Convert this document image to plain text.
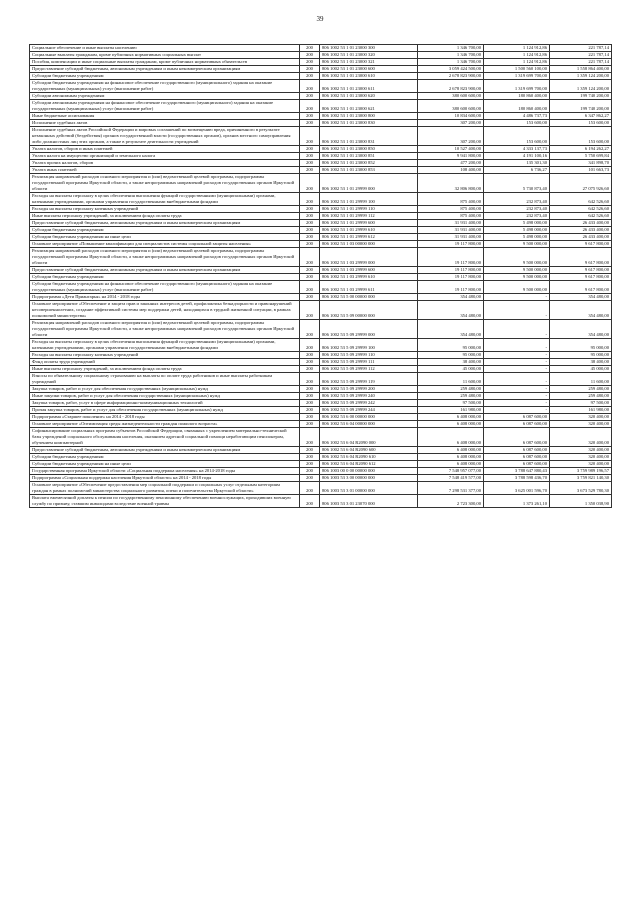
39
Социальное обеспечение и иные выплаты населению	200	806 1002 53 1 01 23000 300	1 346 700,00	1 124 912,86	221 787,14
Социальные выплаты гражданам, кроме публичных нормативных социальных выплат	200	806 1002 53 1 01 23000 320	1 346 700,00	1 124 912,86	221 787,14
Пособия, компенсации и иные социальные выплаты гражданам, кроме публичных нормативных обязательств	200	806 1002 53 1 01 23000 321	1 346 700,00	1 124 912,86	221 787,14
Предоставление субсидий бюджетным, автономным учреждениям и иным некоммерческим организациям	200	806 1002 53 1 01 23000 600	3 059 424 500,00	1 500 560 100,00	1 558 864 400,00
Субсидии бюджетным учреждениям	200	806 1002 53 1 01 23000 610	2 678 823 900,00	1 319 699 700,00	1 359 124 200,00
Субсидии бюджетным учреждениям на финансовое обеспечение государственного (муниципального) задания на оказание государственных (муниципальных) услуг (выполнение работ)	200	806 1002 53 1 01 23000 611	2 678 823 900,00	1 319 699 700,00	1 359 124 200,00
Субсидии автономным учреждениям	200	806 1002 53 1 01 23000 620	380 600 600,00	180 860 400,00	199 740 200,00
Субсидии автономным учреждениям на финансовое обеспечение государственного (муниципального) задания на оказание государственных (муниципальных) услуг (выполнение работ)	200	806 1002 53 1 01 23000 621	380 600 600,00	180 860 400,00	199 740 200,00
Иные бюджетные ассигнования	200	806 1002 53 1 01 23000 800	10 834 600,00	4 486 737,73	6 347 862,27
Исполнение судебных актов	200	806 1002 53 1 01 23000 830	307 200,00	153 600,00	153 600,00
Исполнение судебных актов Российской Федерации и мировых соглашений по возмещению вреда, причиненного в результате незаконных действий (бездействия) органов государственной власти (государственных органов), органов местного самоуправления либо должностных лиц этих органов, а также в результате деятельности учреждений	200	806 1002 53 1 01 23000 831	307 200,00	153 600,00	153 600,00
Уплата налогов, сборов и иных платежей	200	806 1002 53 1 01 23000 850	10 527 400,00	4 333 137,73	6 194 262,27
Уплата налога на имущество организаций и земельного налога	200	806 1002 53 1 01 23000 851	9 941 800,00	4 191 100,16	5 750 699,84
Уплата прочих налогов, сборов	200	806 1002 53 1 01 23000 852	477 200,00	135 301,30	341 898,70
Уплата иных платежей	200	806 1002 53 1 01 23000 853	108 400,00	6 736,27	101 663,73
Реализация направлений расходов основного мероприятия и (или) ведомственной целевой программы, подпрограммы государственной программы Иркутской области, а также непрограммных направлений расходов государственных органов Иркутской области	200	806 1002 53 1 01 29999 000	32 806 800,00	5 730 873,40	27 075 926,60
Расходы на выплаты персоналу в целях обеспечения выполнения функций государственными (муниципальными) органами, казенными учреждениями, органами управления государственными внебюджетными фондами	200	806 1002 53 1 01 29999 100	875 400,00	232 873,40	642 526,60
Расходы на выплаты персоналу казенных учреждений	200	806 1002 53 1 01 29999 110	875 400,00	232 873,40	642 526,60
Иные выплаты персоналу учреждений, за исключением фонда оплаты труда	200	806 1002 53 1 01 29999 112	875 400,00	232 873,40	642 526,60
Предоставление субсидий бюджетным, автономным учреждениям и иным некоммерческим организациям	200	806 1002 53 1 01 29999 600	31 931 400,00	5 498 000,00	26 433 400,00
Субсидии бюджетным учреждениям	200	806 1002 53 1 01 29999 610	31 931 400,00	5 498 000,00	26 433 400,00
Субсидии бюджетным учреждениям на иные цели	200	806 1002 53 1 01 29999 612	31 931 400,00	5 498 000,00	26 433 400,00
Основное мероприятие «Повышение квалификации для специалистов системы социальной защиты населения»	200	806 1002 53 1 03 00000 000	19 117 800,00	9 500 000,00	9 617 800,00
Реализация направлений расходов основного мероприятия и (или) ведомственной целевой программы, подпрограммы государственной программы Иркутской области, а также непрограммных направлений расходов государственных органов Иркутской области	200	806 1002 53 1 03 29999 000	19 117 800,00	9 500 000,00	9 617 800,00
Предоставление субсидий бюджетным, автономным учреждениям и иным некоммерческим организациям	200	806 1002 53 1 03 29999 600	19 117 800,00	9 500 000,00	9 617 800,00
Субсидии бюджетным учреждениям	200	806 1002 53 1 03 29999 610	19 117 800,00	9 500 000,00	9 617 800,00
Субсидии бюджетным учреждениям на финансовое обеспечение государственного (муниципального) задания на оказание государственных (муниципальных) услуг (выполнение работ)	200	806 1002 53 1 03 29999 611	19 117 800,00	9 500 000,00	9 617 800,00
Подпрограмма «Дети Приангарья» на 2014 - 2018 годы	200	806 1002 53 5 00 00000 000	354 480,00	-	354 480,00
Основное мероприятие «Обеспечение и защита прав и законных интересов детей, профилактика безнадзорности и правонарушений несовершеннолетних, создание эффективной системы мер поддержки детей, находящихся в трудной жизненной ситуации, в рамках полномочий министерства»	200	806 1002 53 5 09 00000 000	354 480,00	-	354 480,00
Реализация направлений расходов основного мероприятия и (или) ведомственной целевой программы, подпрограммы государственной программы Иркутской области, а также непрограммных направлений расходов государственных органов Иркутской области	200	806 1002 53 5 09 29999 000	354 480,00	-	354 480,00
Расходы на выплаты персоналу в целях обеспечения выполнения функций государственными (муниципальными) органами, казенными учреждениями, органами управления государственными внебюджетными фондами	200	806 1002 53 5 09 29999 100	95 000,00	-	95 000,00
Расходы на выплаты персоналу казенных учреждений	200	806 1002 53 5 09 29999 110	95 000,00	-	95 000,00
Фонд оплаты труда учреждений	200	806 1002 53 5 09 29999 111	38 400,00	-	38 400,00
Иные выплаты персоналу учреждений, за исключением фонда оплаты труда	200	806 1002 53 5 09 29999 112	45 000,00	-	45 000,00
Взносы по обязательному социальному страхованию на выплаты по оплате труда работников и иные выплаты работникам учреждений	200	806 1002 53 5 09 29999 119	11 600,00	-	11 600,00
Закупка товаров, работ и услуг для обеспечения государственных (муниципальных) нужд	200	806 1002 53 5 09 29999 200	259 480,00	-	259 480,00
Иные закупки товаров, работ и услуг для обеспечения государственных (муниципальных) нужд	200	806 1002 53 5 09 29999 240	259 480,00	-	259 480,00
Закупка товаров, работ, услуг в сфере информационно-коммуникационных технологий	200	806 1002 53 5 09 29999 242	97 500,00	-	97 500,00
Прочая закупка товаров, работ и услуг для обеспечения государственных (муниципальных) нужд	200	806 1002 53 5 09 29999 244	161 980,00	-	161 980,00
Подпрограмма «Старшее поколение» на 2014 - 2018 годы	200	806 1002 53 6 00 00000 000	6 408 000,00	6 087 600,00	320 400,00
Основное мероприятие «Оптимизация среды жизнедеятельности граждан пожилого возраста»	200	806 1002 53 6 04 00000 000	6 408 000,00	6 087 600,00	320 400,00
Софинансирование социальных программ субъектов Российской Федерации, связанных с укреплением материально-технической базы учреждений социального обслуживания населения, оказанием адресной социальной помощи неработающим пенсионерам, обучением компьютерной	200	806 1002 53 6 04 R2090 000	6 408 000,00	6 087 600,00	320 400,00
Предоставление субсидий бюджетным, автономным учреждениям и иным некоммерческим организациям	200	806 1002 53 6 04 R2090 600	6 408 000,00	6 087 600,00	320 400,00
Субсидии бюджетным учреждениям	200	806 1002 53 6 04 R2090 610	6 408 000,00	6 087 600,00	320 400,00
Субсидии бюджетным учреждениям на иные цели	200	806 1002 53 6 04 R2090 612	6 408 000,00	6 087 600,00	320 400,00
Государственная программа Иркутской области «Социальная поддержка населения» на 2014-2018 годы	200	806 1003 00 0 00 00000 000	7 548 957 077,00	3 788 647 880,43	3 759 989 196,57
Подпрограмма «Социальная поддержка населения Иркутской области» на 2014 - 2018 годы	200	806 1003 53 3 00 00000 000	7 548 419 577,00	3 788 598 436,70	3 759 821 140,30
Основное мероприятие «Обеспечение предоставления мер социальной поддержки и социальных услуг отдельным категориям граждан в рамках полномочий министерства социального развития, опеки и попечительства Иркутской области»	200	806 1003 53 3 01 00000 000	7 298 531 377,00	3 625 001 596,70	3 673 529 780,30
Выплата ежемесячной доплаты к пенсии по государственному пенсионному обеспечению военнослужащих, проходивших военную службу по призыву, ставшим инвалидами вследствие военной травмы	200	806 1003 53 3 01 23070 000	2 723 300,00	1 373 261,10	1 350 038,90
